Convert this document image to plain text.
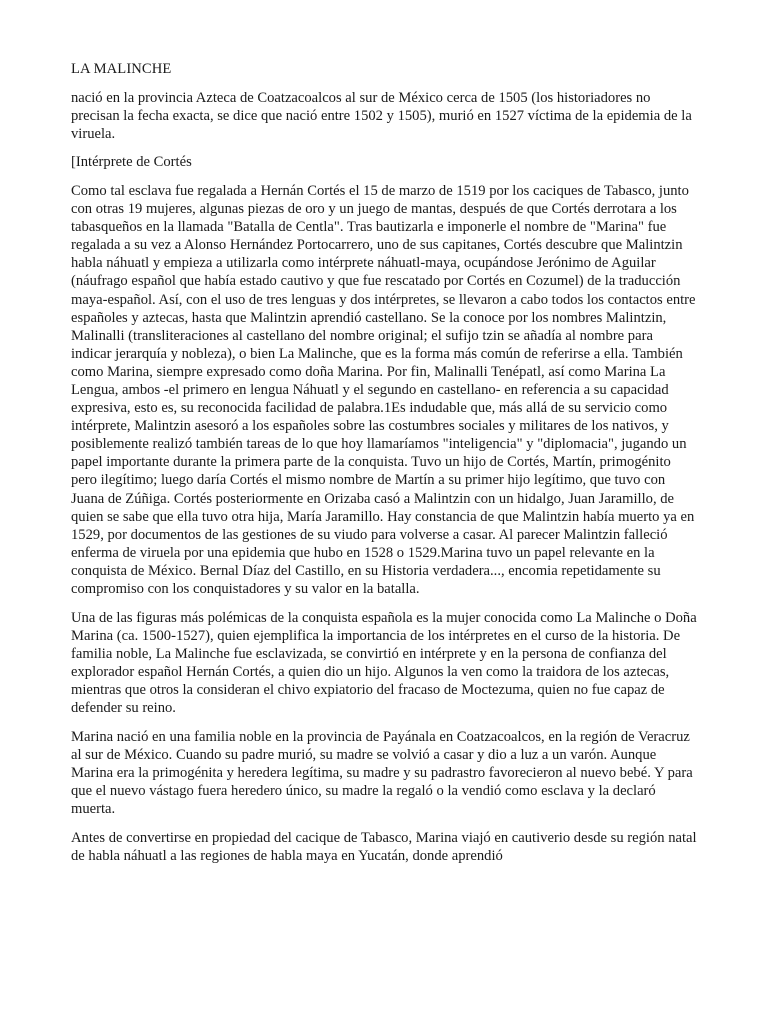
LA MALINCHE

nació en la provincia Azteca de Coatzacoalcos al sur de México cerca de 1505 (los historiadores no precisan la fecha exacta, se dice que nació entre 1502 y 1505), murió en 1527 víctima de la epidemia de la viruela.

[Intérprete de Cortés

Como tal esclava fue regalada a Hernán Cortés el 15 de marzo de 1519 por los caciques de Tabasco, junto con otras 19 mujeres, algunas piezas de oro y un juego de mantas, después de que Cortés derrotara a los tabasqueños en la llamada "Batalla de Centla". Tras bautizarla e imponerle el nombre de "Marina" fue regalada a su vez a Alonso Hernández Portocarrero, uno de sus capitanes, Cortés descubre que Malintzin habla náhuatl y empieza a utilizarla como intérprete náhuatl-maya, ocupándose Jerónimo de Aguilar (náufrago español que había estado cautivo y que fue rescatado por Cortés en Cozumel) de la traducción maya-español. Así, con el uso de tres lenguas y dos intérpretes, se llevaron a cabo todos los contactos entre españoles y aztecas, hasta que Malintzin aprendió castellano. Se la conoce por los nombres Malintzin, Malinalli (transliteraciones al castellano del nombre original; el sufijo tzin se añadía al nombre para indicar jerarquía y nobleza), o bien La Malinche, que es la forma más común de referirse a ella. También como Marina, siempre expresado como doña Marina. Por fin, Malinalli Tenépatl, así como Marina La Lengua, ambos -el primero en lengua Náhuatl y el segundo en castellano- en referencia a su capacidad expresiva, esto es, su reconocida facilidad de palabra.1Es indudable que, más allá de su servicio como intérprete, Malintzin asesoró a los españoles sobre las costumbres sociales y militares de los nativos, y posiblemente realizó también tareas de lo que hoy llamaríamos "inteligencia" y "diplomacia", jugando un papel importante durante la primera parte de la conquista. Tuvo un hijo de Cortés, Martín, primogénito pero ilegítimo; luego daría Cortés el mismo nombre de Martín a su primer hijo legítimo, que tuvo con Juana de Zúñiga. Cortés posteriormente en Orizaba casó a Malintzin con un hidalgo, Juan Jaramillo, de quien se sabe que ella tuvo otra hija, María Jaramillo. Hay constancia de que Malintzin había muerto ya en 1529, por documentos de las gestiones de su viudo para volverse a casar. Al parecer Malintzin falleció enferma de viruela por una epidemia que hubo en 1528 o 1529.Marina tuvo un papel relevante en la conquista de México. Bernal Díaz del Castillo, en su Historia verdadera..., encomia repetidamente su compromiso con los conquistadores y su valor en la batalla.

Una de las figuras más polémicas de la conquista española es la mujer conocida como La Malinche o Doña Marina (ca. 1500-1527), quien ejemplifica la importancia de los intérpretes en el curso de la historia. De familia noble, La Malinche fue esclavizada, se convirtió en intérprete y en la persona de confianza del explorador español Hernán Cortés, a quien dio un hijo. Algunos la ven como la traidora de los aztecas, mientras que otros la consideran el chivo expiatorio del fracaso de Moctezuma, quien no fue capaz de defender su reino.

Marina nació en una familia noble en la provincia de Payánala en Coatzacoalcos, en la región de Veracruz al sur de México. Cuando su padre murió, su madre se volvió a casar y dio a luz a un varón. Aunque Marina era la primogénita y heredera legítima, su madre y su padrastro favorecieron al nuevo bebé. Y para que el nuevo vástago fuera heredero único, su madre la regaló o la vendió como esclava y la declaró muerta.

Antes de convertirse en propiedad del cacique de Tabasco, Marina viajó en cautiverio desde su región natal de habla náhuatl a las regiones de habla maya en Yucatán, donde aprendió
